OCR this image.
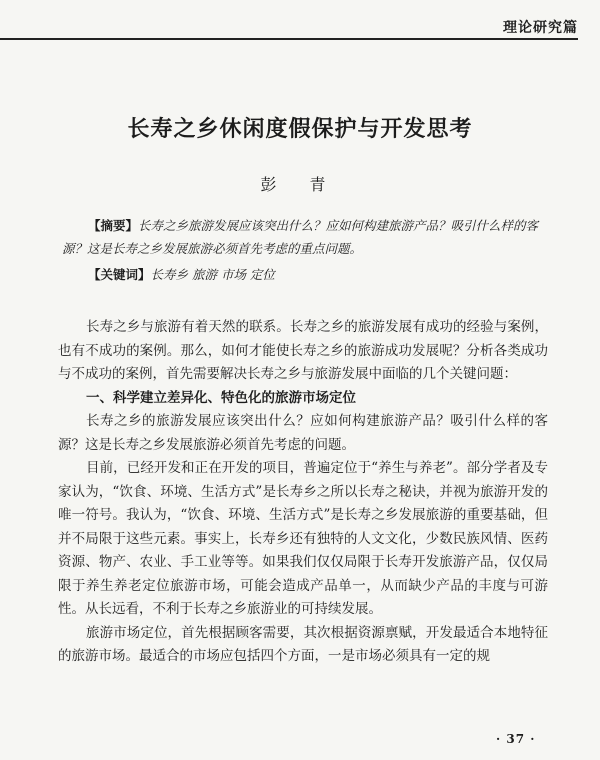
理论研究篇
长寿之乡休闲度假保护与开发思考
彭 青

【摘要】长寿之乡旅游发展应该突出什么？应如何构建旅游产品？吸引什么样的客源？这是长寿之乡发展旅游必须首先考虑的重点问题。

【关键词】长寿乡 旅游 市场 定位

长寿之乡与旅游有着天然的联系。长寿之乡的旅游发展有成功的经验与案例，也有不成功的案例。那么，如何才能使长寿之乡的旅游成功发展呢？分析各类成功与不成功的案例，首先需要解决长寿之乡与旅游发展中面临的几个关键问题：

一、科学建立差异化、特色化的旅游市场定位

长寿之乡的旅游发展应该突出什么？应如何构建旅游产品？吸引什么样的客源？这是长寿之乡发展旅游必须首先考虑的问题。

目前，已经开发和正在开发的项目，普遍定位于“养生与养老”。部分学者及专家认为，“饮食、环境、生活方式”是长寿乡之所以长寿之秘诀，并视为旅游开发的唯一符号。我认为，“饮食、环境、生活方式”是长寿之乡发展旅游的重要基础，但并不局限于这些元素。事实上，长寿乡还有独特的人文文化，少数民族风情、医药资源、物产、农业、手工业等等。如果我们仅仅局限于长寿开发旅游产品，仅仅局限于养生养老定位旅游市场，可能会造成产品单一，从而缺少产品的丰度与可游性。从长远看，不利于长寿之乡旅游业的可持续发展。

旅游市场定位，首先根据顾客需要，其次根据资源禀赋，开发最适合本地特征的旅游市场。最适合的市场应包括四个方面，一是市场必须具有一定的规

· 37 ·
